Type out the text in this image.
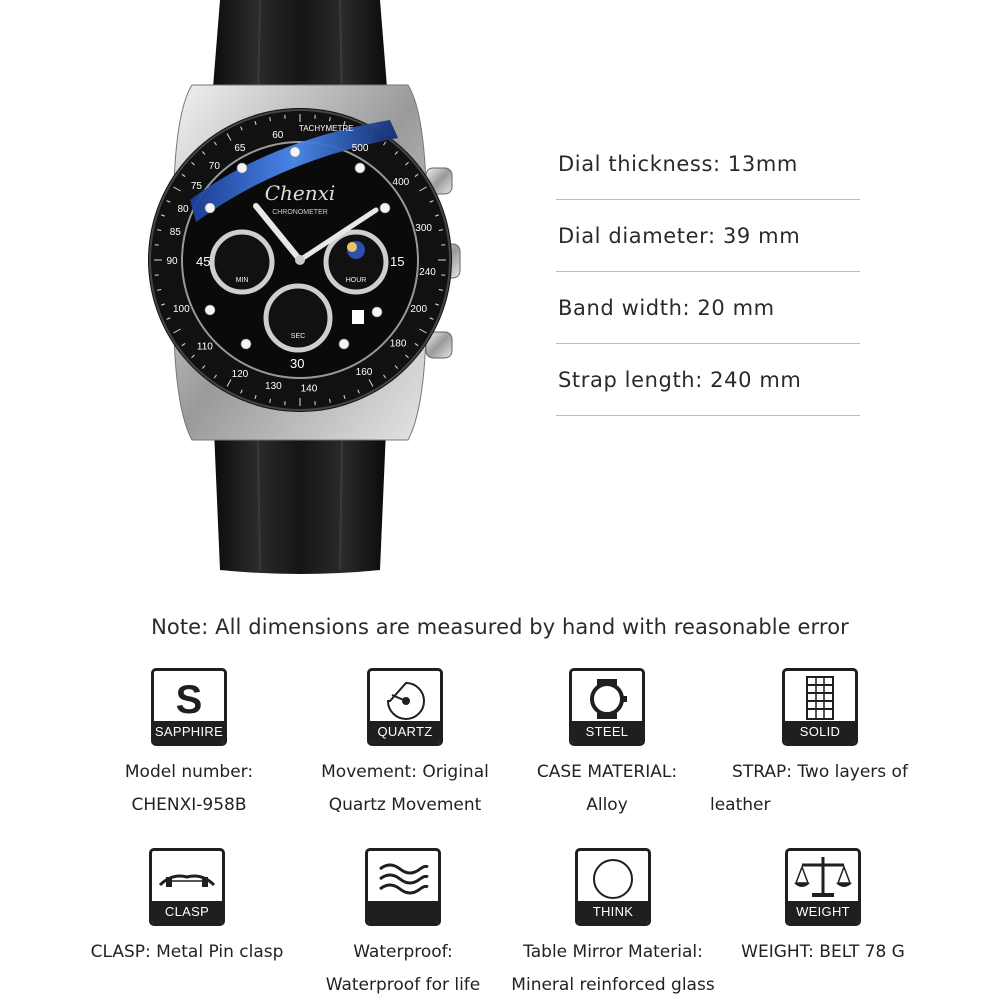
Chenxi
CHRONOMETER
MIN	HOUR
SEC
45
30
15
60
65
70
75
80
85
90
100
110
120
130 140
160
180
200
240
300
400
500
TACHYMETRE
Dial thickness: 13mm
Dial diameter: 39 mm
Band width: 20 mm
Strap length: 240 mm
Note: All dimensions are measured by hand with reasonable error
S
SAPPHIRE
Model number:
CHENXI-958B
QUARTZ
Movement: Original
Quartz Movement
STEEL
CASE MATERIAL:
Alloy
SOLID
STRAP: Two layers of
leather
CLASP
CLASP: Metal Pin clasp	Waterproof:
Waterproof for life
THINK
Table Mirror Material:
Mineral reinforced glass
WEIGHT
WEIGHT: BELT 78 G
